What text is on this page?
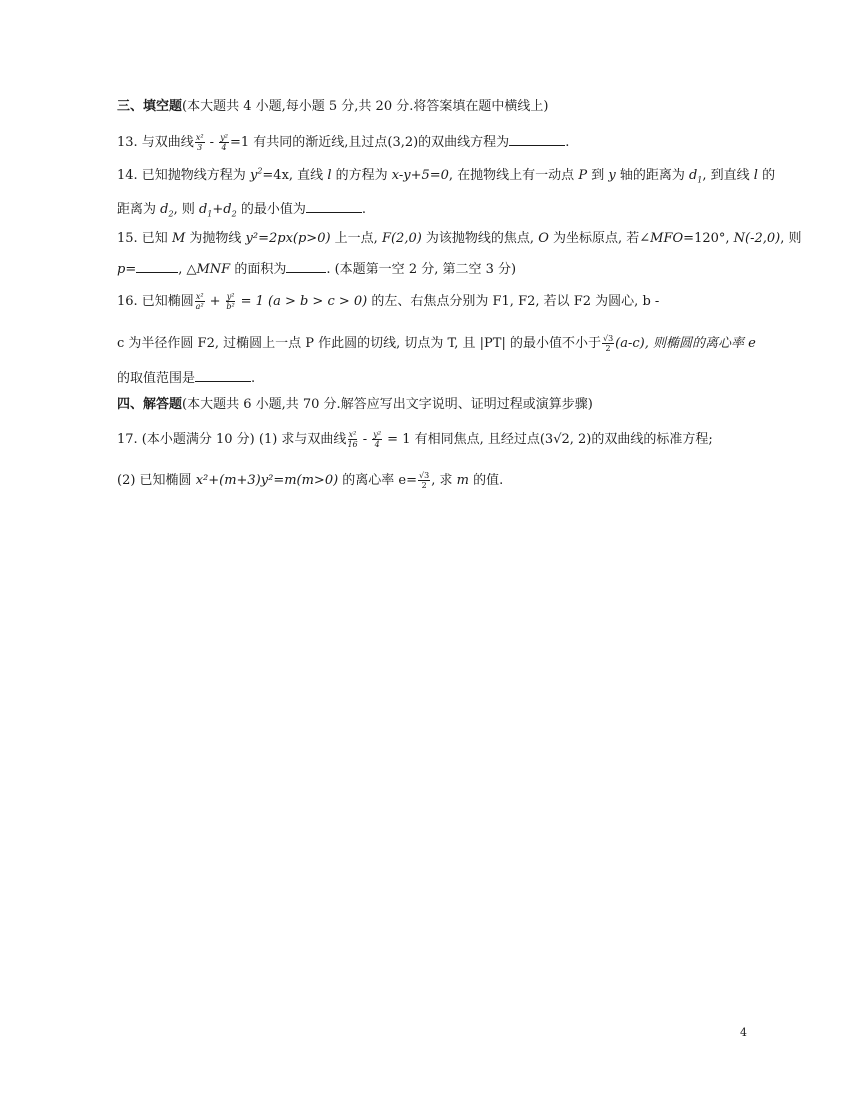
三、填空题(本大题共 4 小题,每小题 5 分,共 20 分.将答案填在题中横线上)
13. 与双曲线 $\frac{\text{x²}}{3} - \frac{\text{y²}}{4} =1$ 有共同的渐近线,且过点(3,2)的双曲线方程为	.
14. 已知抛物线方程为 $y^2=4x$, 直线 l 的方程为 x-y+5=0, 在抛物线上有一动点 P 到 y 轴的距离为 $d_1$, 到直线 l 的
距离为 $d_2$, 则 $d_1+d_2$ 的最小值为	.
15. 已知 M 为抛物线 y²=2px(p>0) 上一点, F(2,0) 为该抛物线的焦点, O 为坐标原点, 若∠MFO=120°, N(-2,0), 则
p=	, △MNF 的面积为	. (本题第一空 2 分, 第二空 3 分)
16. 已知椭圆 $\frac{\text{x²}}{\text{a²}} + \frac{\text{y²}}{\text{b²}} = 1$ (a > b > c > 0) 的左、右焦点分别为 F1, F2, 若以 F2 为圆心, b -
c 为半径作圆 F2, 过椭圆上一点 P 作此圆的切线, 切点为 T, 且 |PT| 的最小值不小于 $\frac{√3}{2} (a-c)$, 则椭圆的离心率 e
的取值范围是	.
四、解答题(本大题共 6 小题,共 70 分.解答应写出文字说明、证明过程或演算步骤)
17. (本小题满分 10 分) (1) 求与双曲线 $\frac{\text{x²}}{16} - \frac{\text{y²}}{4} = 1$ 有相同焦点, 且经过点(3√2, 2)的双曲线的标准方程;
(2) 已知椭圆 x²+(m+3)y²=m(m>0) 的离心率 $e= \frac{√3}{2}$ , 求 m 的值.
4
